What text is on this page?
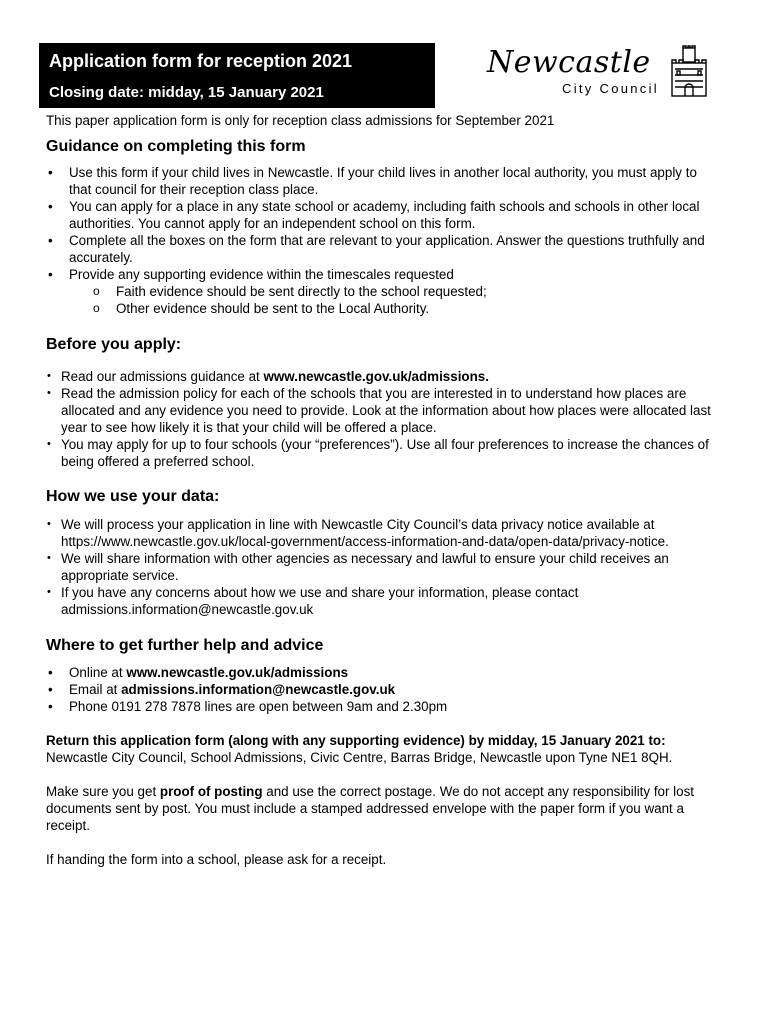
Application form for reception 2021
Closing date: midday, 15 January 2021
Newcastle
City Council

This paper application form is only for reception class admissions for September 2021

Guidance on completing this form
• Use this form if your child lives in Newcastle. If your child lives in another local authority, you must apply to that council for their reception class place.
• You can apply for a place in any state school or academy, including faith schools and schools in other local authorities. You cannot apply for an independent school on this form.
• Complete all the boxes on the form that are relevant to your application. Answer the questions truthfully and accurately.
• Provide any supporting evidence within the timescales requested
o Faith evidence should be sent directly to the school requested;
o Other evidence should be sent to the Local Authority.
Before you apply:
• Read our admissions guidance at www.newcastle.gov.uk/admissions.
• Read the admission policy for each of the schools that you are interested in to understand how places are allocated and any evidence you need to provide. Look at the information about how places were allocated last year to see how likely it is that your child will be offered a place.
• You may apply for up to four schools (your “preferences”). Use all four preferences to increase the chances of being offered a preferred school.
How we use your data:
• We will process your application in line with Newcastle City Council’s data privacy notice available at https://www.newcastle.gov.uk/local-government/access-information-and-data/open-data/privacy-notice.
• We will share information with other agencies as necessary and lawful to ensure your child receives an appropriate service.
• If you have any concerns about how we use and share your information, please contact admissions.information@newcastle.gov.uk
Where to get further help and advice
• Online at www.newcastle.gov.uk/admissions
• Email at admissions.information@newcastle.gov.uk
• Phone 0191 278 7878 lines are open between 9am and 2.30pm

Return this application form (along with any supporting evidence) by midday, 15 January 2021 to: Newcastle City Council, School Admissions, Civic Centre, Barras Bridge, Newcastle upon Tyne NE1 8QH.

Make sure you get proof of posting and use the correct postage. We do not accept any responsibility for lost documents sent by post. You must include a stamped addressed envelope with the paper form if you want a receipt.

If handing the form into a school, please ask for a receipt.
